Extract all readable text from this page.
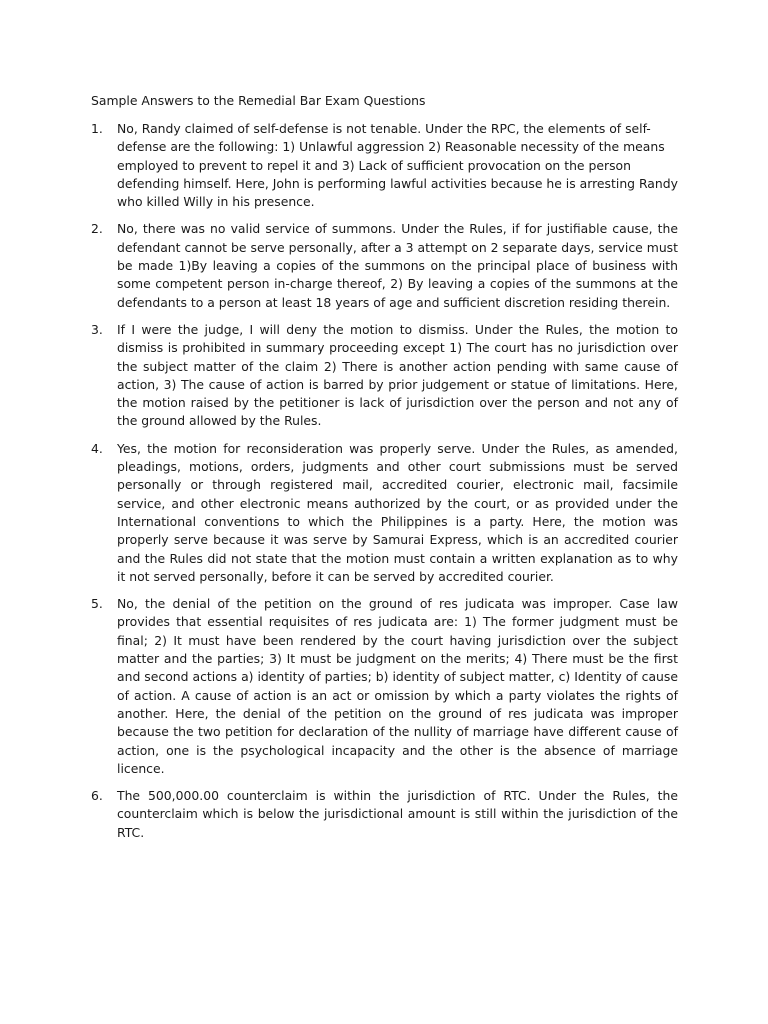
Sample Answers to the Remedial Bar Exam Questions
1.	No, Randy claimed of self-defense is not tenable. Under the RPC, the elements of self-defense are the following: 1) Unlawful aggression 2) Reasonable necessity of the means employed to prevent to repel it and 3) Lack of sufficient provocation on the person defending himself. Here, John is performing lawful activities because he is arresting Randy who killed Willy in his presence.

2.	No, there was no valid service of summons. Under the Rules, if for justifiable cause, the defendant cannot be serve personally, after a 3 attempt on 2 separate days, service must be made 1)By leaving a copies of the summons on the principal place of business with some competent person in-charge thereof, 2) By leaving a copies of the summons at the defendants to a person at least 18 years of age and sufficient discretion residing therein.

3.	If I were the judge, I will deny the motion to dismiss. Under the Rules, the motion to dismiss is prohibited in summary proceeding except 1) The court has no jurisdiction over the subject matter of the claim 2) There is another action pending with same cause of action, 3) The cause of action is barred by prior judgement or statue of limitations. Here, the motion raised by the petitioner is lack of jurisdiction over the person and not any of the ground allowed by the Rules.

4.	Yes, the motion for reconsideration was properly serve. Under the Rules, as amended, pleadings, motions, orders, judgments and other court submissions must be served personally or through registered mail, accredited courier, electronic mail, facsimile service, and other electronic means authorized by the court, or as provided under the International conventions to which the Philippines is a party. Here, the motion was properly serve because it was serve by Samurai Express, which is an accredited courier and the Rules did not state that the motion must contain a written explanation as to why it not served personally, before it can be served by accredited courier.

5.	No, the denial of the petition on the ground of res judicata was improper. Case law provides that essential requisites of res judicata are: 1) The former judgment must be final; 2) It must have been rendered by the court having jurisdiction over the subject matter and the parties; 3) It must be judgment on the merits; 4) There must be the first and second actions a) identity of parties; b) identity of subject matter, c) Identity of cause of action. A cause of action is an act or omission by which a party violates the rights of another. Here, the denial of the petition on the ground of res judicata was improper because the two petition for declaration of the nullity of marriage have different cause of action, one is the psychological incapacity and the other is the absence of marriage licence.

6.	The 500,000.00 counterclaim is within the jurisdiction of RTC. Under the Rules, the counterclaim which is below the jurisdictional amount is still within the jurisdiction of the RTC.
